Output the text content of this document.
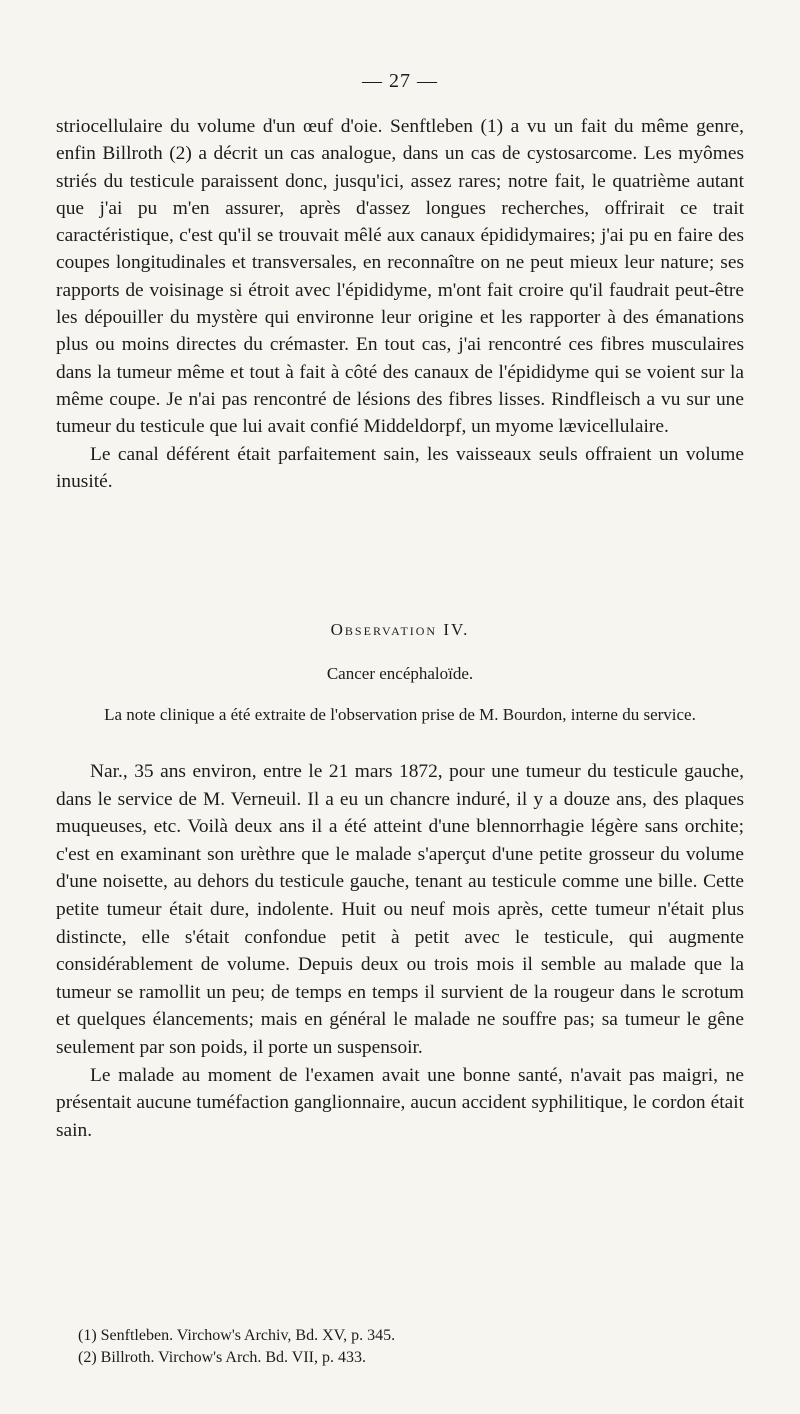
— 27 —

striocellulaire du volume d'un œuf d'oie. Senftleben (1) a vu un fait du même genre, enfin Billroth (2) a décrit un cas analogue, dans un cas de cystosarcome. Les myômes striés du testicule paraissent donc, jusqu'ici, assez rares; notre fait, le quatrième autant que j'ai pu m'en assurer, après d'assez longues recherches, offrirait ce trait caractéristique, c'est qu'il se trouvait mêlé aux canaux épididymaires; j'ai pu en faire des coupes longitudinales et transversales, en reconnaître on ne peut mieux leur nature; ses rapports de voisinage si étroit avec l'épididyme, m'ont fait croire qu'il faudrait peut-être les dépouiller du mystère qui environne leur origine et les rapporter à des émanations plus ou moins directes du crémaster. En tout cas, j'ai rencontré ces fibres musculaires dans la tumeur même et tout à fait à côté des canaux de l'épididyme qui se voient sur la même coupe. Je n'ai pas rencontré de lésions des fibres lisses. Rindfleisch a vu sur une tumeur du testicule que lui avait confié Middeldorpf, un myome lævicellulaire.

Le canal déférent était parfaitement sain, les vaisseaux seuls offraient un volume inusité.

Observation IV.

Cancer encéphaloïde.

La note clinique a été extraite de l'observation prise de M. Bourdon, interne du service.

Nar., 35 ans environ, entre le 21 mars 1872, pour une tumeur du testicule gauche, dans le service de M. Verneuil. Il a eu un chancre induré, il y a douze ans, des plaques muqueuses, etc. Voilà deux ans il a été atteint d'une blennorrhagie légère sans orchite; c'est en examinant son urèthre que le malade s'aperçut d'une petite grosseur du volume d'une noisette, au dehors du testicule gauche, tenant au testicule comme une bille. Cette petite tumeur était dure, indolente. Huit ou neuf mois après, cette tumeur n'était plus distincte, elle s'était confondue petit à petit avec le testicule, qui augmente considérablement de volume. Depuis deux ou trois mois il semble au malade que la tumeur se ramollit un peu; de temps en temps il survient de la rougeur dans le scrotum et quelques élancements; mais en général le malade ne souffre pas; sa tumeur le gêne seulement par son poids, il porte un suspensoir.

Le malade au moment de l'examen avait une bonne santé, n'avait pas maigri, ne présentait aucune tuméfaction ganglionnaire, aucun accident syphilitique, le cordon était sain.

(1) Senftleben. Virchow's Archiv, Bd. XV, p. 345.

(2) Billroth. Virchow's Arch. Bd. VII, p. 433.
